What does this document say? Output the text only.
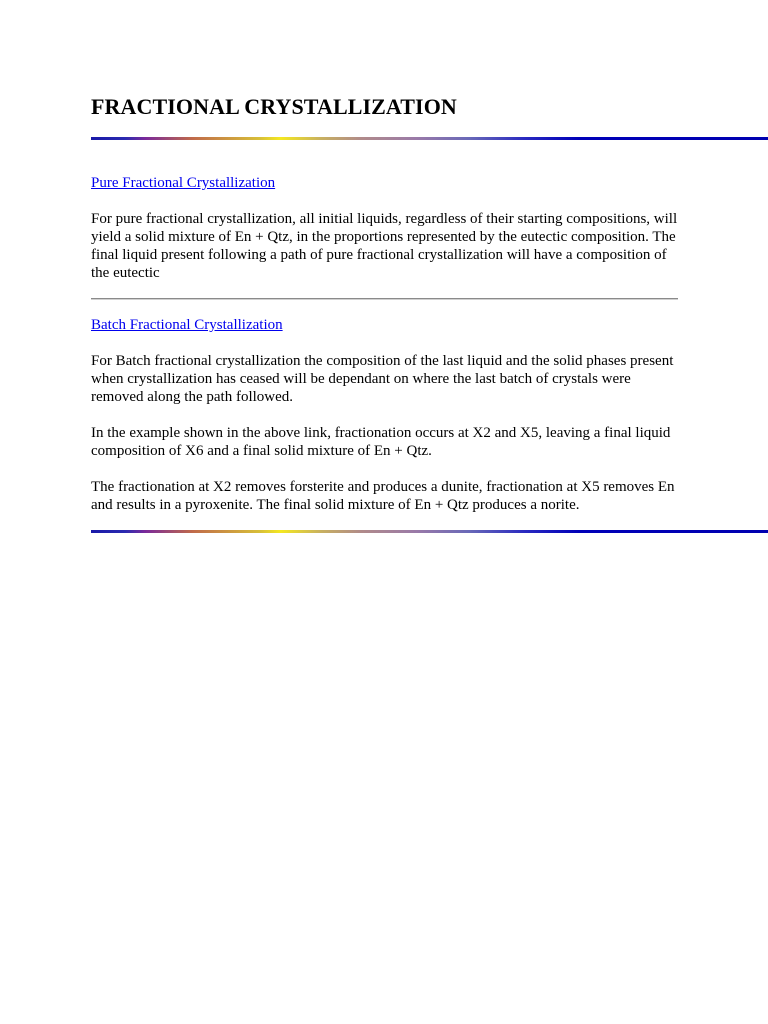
FRACTIONAL CRYSTALLIZATION
Pure Fractional Crystallization

For pure fractional crystallization, all initial liquids, regardless of their starting compositions, will yield a solid mixture of En + Qtz, in the proportions represented by the eutectic composition. The final liquid present following a path of pure fractional crystallization will have a composition of the eutectic

Batch Fractional Crystallization

For Batch fractional crystallization the composition of the last liquid and the solid phases present when crystallization has ceased will be dependant on where the last batch of crystals were removed along the path followed.

In the example shown in the above link, fractionation occurs at X2 and X5, leaving a final liquid composition of X6 and a final solid mixture of En + Qtz.

The fractionation at X2 removes forsterite and produces a dunite, fractionation at X5 removes En and results in a pyroxenite. The final solid mixture of En + Qtz produces a norite.
